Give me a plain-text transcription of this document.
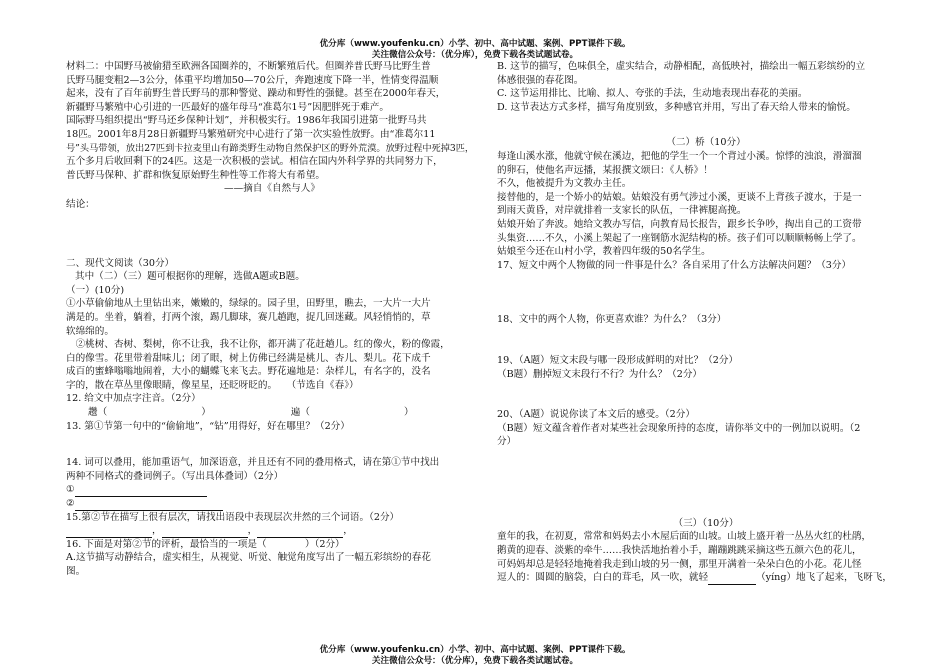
优分库（www.youfenku.cn）小学、初中、高中试题、案例、PPT课件下载。
关注微信公众号：（优分库），免费下载各类试题试卷。

材料二：中国野马被偷猎至欧洲各国圈养的，不断繁殖后代。但圈养普氏野马比野生普

氏野马腿变粗2—3公分，体重平均增加50—70公斤，奔跑速度下降一半，性情变得温顺

起来，没有了百年前野生普氏野马的那种警觉、躁动和野性的强健。甚至在2000年春天，

新疆野马繁殖中心引进的一匹最好的盛年母马“准葛尔1号”因肥胖死于难产。

国际野马组织提出“野马还乡保种计划”，并积极实行。1986年我国引进第一批野马共

18匹。2001年8月28日新疆野马繁殖研究中心进行了第一次实验性放野。由“准葛尔11

号”头马带领，放出27匹到卡拉麦里山有蹄类野生动物自然保护区的野外荒漠。放野过程中死掉3匹，

五个多月后收回剩下的24匹。这是一次积极的尝试。相信在国内外科学界的共同努力下，

普氏野马保种、扩群和恢复原始野生种性等工作将大有希望。

——摘自《自然与人》

结论：

二、现代文阅读（30分）

其中（二）（三）题可根据你的理解，选做A题或B题。

（一）(10分)

①小草偷偷地从土里钻出来，嫩嫩的，绿绿的。园子里，田野里，瞧去，一大片一大片

满是的。坐着，躺着，打两个滚，踢几脚球，赛几趟跑，捉几回迷藏。风轻悄悄的，草

软绵绵的。

　②桃树、杏树、梨树，你不让我，我不让你，都开满了花赶趟儿。红的像火，粉的像霞，

白的像雪。花里带着甜味儿；闭了眼，树上仿佛已经满是桃儿、杏儿、梨儿。花下成千

成百的蜜蜂嗡嗡地闹着，大小的蝴蝶飞来飞去。野花遍地是：杂样儿，有名字的，没名

字的，散在草丛里像眼睛，像星星，还眨呀眨的。　　（节选自《春》）

12. 给文中加点字注音。（2分）

趱（	）	遍（	）

13. 第①节第一句中的“偷偷地”，“钻”用得好，好在哪里？（2分）

14. 词可以叠用，能加重语气，加深语意，并且还有不同的叠用格式，请在第①节中找出

两种不同格式的叠词例子。（写出具体叠词）（2分）

①

②

15.第②节在描写上很有层次，请找出语段中表现层次井然的三个词语。（2分）

，	，	，

16. 下面是对第②节的评析，最恰当的一项是（　　　　）（2分）

A.这节描写动静结合，虚实相生，从视觉、听觉、触觉角度写出了一幅五彩缤纷的春花

图。

B. 这节的描写，色味俱全，虚实结合，动静相配，高低映衬，描绘出一幅五彩缤纷的立

体感很强的春花图。

C. 这节运用排比、比喻、拟人、夸张的手法，生动地表现出春花的美丽。

D. 这节表达方式多样，描写角度别致，多种感官并用，写出了春天给人带来的愉悦。

（二）桥（10分）

每逢山溪水涨，他就守候在溪边，把他的学生一个一个背过小溪。惊悸的浊浪，滑溜溜

的卵石，使他名声远播，某报撰文颂曰：《人桥》！

不久，他被提升为文教办主任。

接替他的，是一个娇小的姑娘。姑娘没有勇气涉过小溪，更谈不上背孩子渡水，于是一

到雨天黄昏，对岸就排着一支家长的队伍，一律裤腿高挽。

姑娘开始了奔波。她给文教办写信，向教育局长报告，跟乡长争吵，掏出自己的工资带

头集资……不久，小溪上架起了一座钢筋水泥结构的桥。孩子们可以顺顺畅畅上学了。

姑娘至今还在山村小学，教着四年级的50名学生。

17、短文中两个人物做的同一件事是什么？各自采用了什么方法解决问题？（3分）

18、文中的两个人物，你更喜欢谁？为什么？（3分）

19、（A题）短文末段与哪一段形成鲜明的对比？（2分）

（B题）删掉短文末段行不行？为什么？（2分）

20、（A题）说说你读了本文后的感受。（2分）

（B题）短文蕴含着作者对某些社会现象所持的态度，请你举文中的一例加以说明。（2

分）

（三）（10分）

童年的我，在初夏，常常和妈妈去小木屋后面的山坡。山坡上盛开着一丛丛火红的杜鹃，

鹅黄的迎春、淡紫的牵牛……我快活地抬着小手，蹦蹦跳跳采摘这些五颜六色的花儿，

可妈妈却总是轻轻地掩着我走到山坡的另一侧，那里开满着一朵朵白色的小花。花儿怪

逗人的：圆圆的脑袋，白白的茸毛，风一吹，就轻	（yíng）地飞了起来，飞呀飞，

优分库（www.youfenku.cn）小学、初中、高中试题、案例、PPT课件下载。
关注微信公众号：（优分库），免费下载各类试题试卷。
